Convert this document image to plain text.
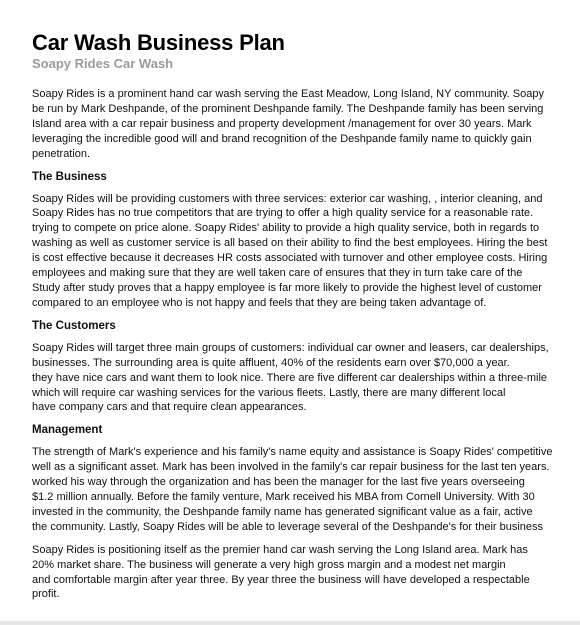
Car Wash Business Plan
Soapy Rides Car Wash

Soapy Rides is a prominent hand car wash serving the East Meadow, Long Island, NY community. Soapy
be run by Mark Deshpande, of the prominent Deshpande family. The Deshpande family has been serving
Island area with a car repair business and property development /management for over 30 years. Mark
leveraging the incredible good will and brand recognition of the Deshpande family name to quickly gain
penetration.

The Business

Soapy Rides will be providing customers with three services: exterior car washing, , interior cleaning, and
Soapy Rides has no true competitors that are trying to offer a high quality service for a reasonable rate.
trying to compete on price alone. Soapy Rides' ability to provide a high quality service, both in regards to
washing as well as customer service is all based on their ability to find the best employees. Hiring the best
is cost effective because it decreases HR costs associated with turnover and other employee costs. Hiring
employees and making sure that they are well taken care of ensures that they in turn take care of the
Study after study proves that a happy employee is far more likely to provide the highest level of customer
compared to an employee who is not happy and feels that they are being taken advantage of.

The Customers

Soapy Rides will target three main groups of customers: individual car owner and leasers, car dealerships,
businesses. The surrounding area is quite affluent, 40% of the residents earn over $70,000 a year.
they have nice cars and want them to look nice. There are five different car dealerships within a three-mile
which will require car washing services for the various fleets. Lastly, there are many different local
have company cars and that require clean appearances.

Management

The strength of Mark's experience and his family's name equity and assistance is Soapy Rides' competitive
well as a significant asset. Mark has been involved in the family's car repair business for the last ten years.
worked his way through the organization and has been the manager for the last five years overseeing
$1.2 million annually. Before the family venture, Mark received his MBA from Cornell University. With 30
invested in the community, the Deshpande family name has generated significant value as a fair, active
the community. Lastly, Soapy Rides will be able to leverage several of the Deshpande's for their business

Soapy Rides is positioning itself as the premier hand car wash serving the Long Island area. Mark has
20% market share. The business will generate a very high gross margin and a modest net margin
and comfortable margin after year three. By year three the business will have developed a respectable
profit.
